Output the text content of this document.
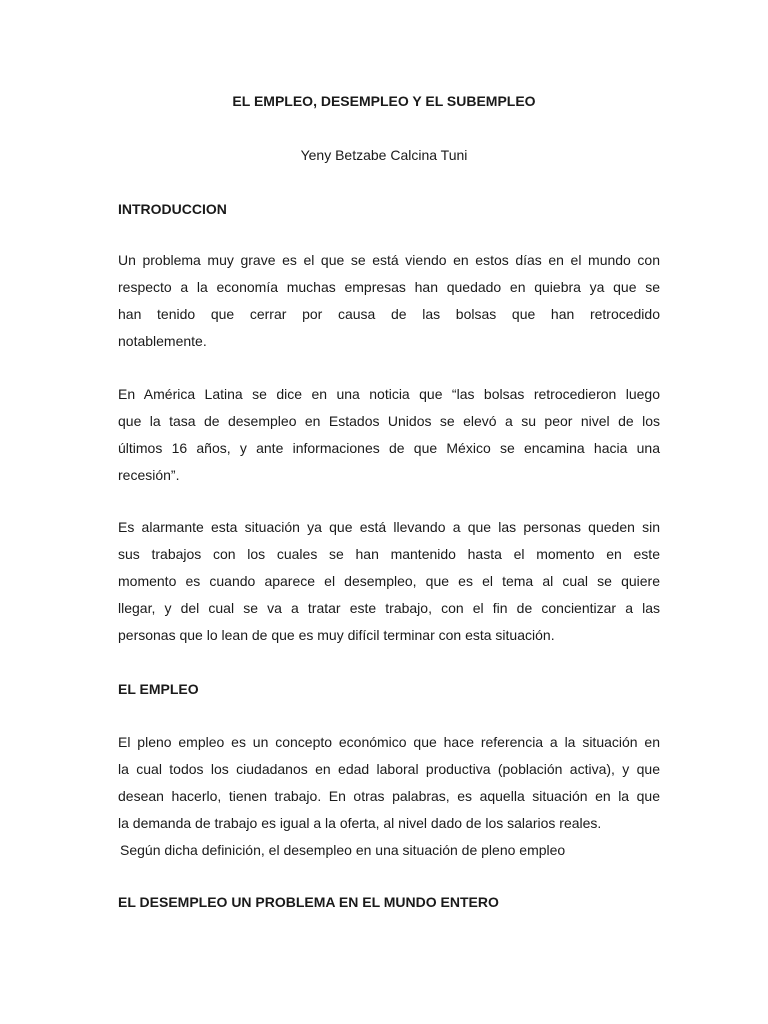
EL EMPLEO, DESEMPLEO Y EL SUBEMPLEO

Yeny Betzabe Calcina Tuni

INTRODUCCION

Un problema muy grave es el que se está viendo en estos días en el mundo con
respecto a la economía muchas empresas han quedado en quiebra ya que se
han tenido que cerrar por causa de las bolsas que han retrocedido
notablemente.

En América Latina se dice en una noticia que “las bolsas retrocedieron luego
que la tasa de desempleo en Estados Unidos se elevó a su peor nivel de los
últimos 16 años, y ante informaciones de que México se encamina hacia una
recesión”.

Es alarmante esta situación ya que está llevando a que las personas queden sin
sus trabajos con los cuales se han mantenido hasta el momento en este
momento es cuando aparece el desempleo, que es el tema al cual se quiere
llegar, y del cual se va a tratar este trabajo, con el fin de concientizar a las
personas que lo lean de que es muy difícil terminar con esta situación.

EL EMPLEO

El pleno empleo es un concepto económico que hace referencia a la situación en
la cual todos los ciudadanos en edad laboral productiva (población activa), y que
desean hacerlo, tienen trabajo. En otras palabras, es aquella situación en la que
la demanda de trabajo es igual a la oferta, al nivel dado de los salarios reales.
Según dicha definición, el desempleo en una situación de pleno empleo

EL DESEMPLEO UN PROBLEMA EN EL MUNDO ENTERO
